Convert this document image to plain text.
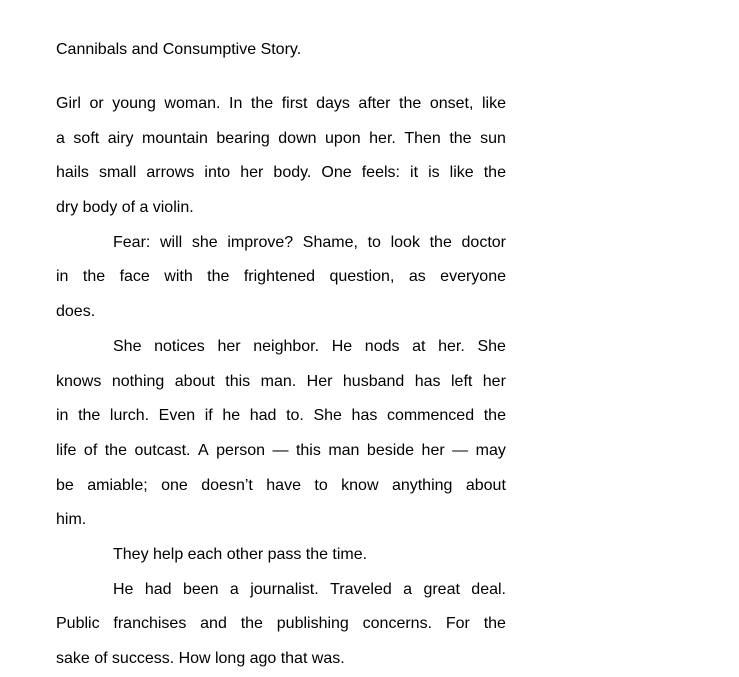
Cannibals and Consumptive Story.
Girl or young woman. In the first days after the onset, like
a soft airy mountain bearing down upon her. Then the sun
hails small arrows into her body. One feels: it is like the
dry body of a violin.
Fear: will she improve? Shame, to look the doctor
in the face with the frightened question, as everyone
does.
She notices her neighbor. He nods at her. She
knows nothing about this man. Her husband has left her
in the lurch. Even if he had to. She has commenced the
life of the outcast. A person — this man beside her — may
be amiable; one doesn’t have to know anything about
him.
They help each other pass the time.
He had been a journalist. Traveled a great deal.
Public franchises and the publishing concerns. For the
sake of success. How long ago that was.
